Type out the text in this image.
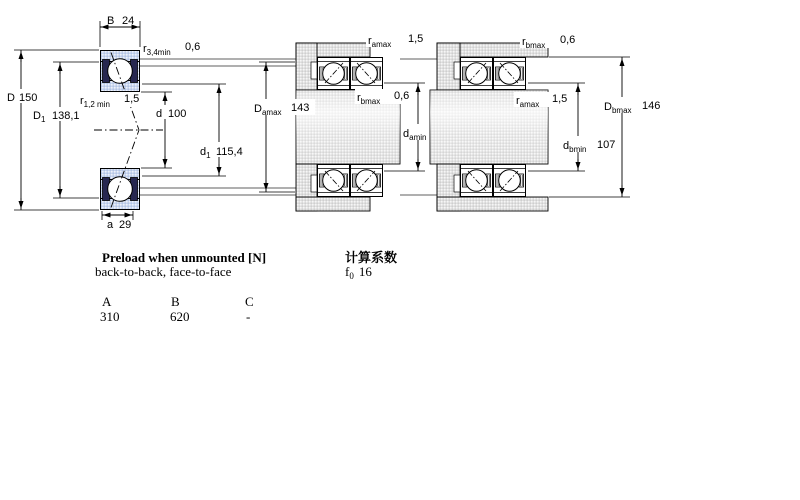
B 24
D 150
$D_1$ 138,1	d 100
$d_1$ 115,4
a 29
$r_{3,4min}$ 0,6
$r_{1,2 min}$ 1,5
$D_{amax}$ 143
$d_{amin}$
$r_{amax}$ 1,5
$r_{bmax}$ 0,6
$d_{bmin}$ 107
$D_{bmax}$ 146
$r_{bmax}$ 0,6
$r_{amax}$ 1,5
Preload when unmounted [N]
back-to-back, face-to-face
A	B	C
310	620	-
计算系数
$f_0$ 16
